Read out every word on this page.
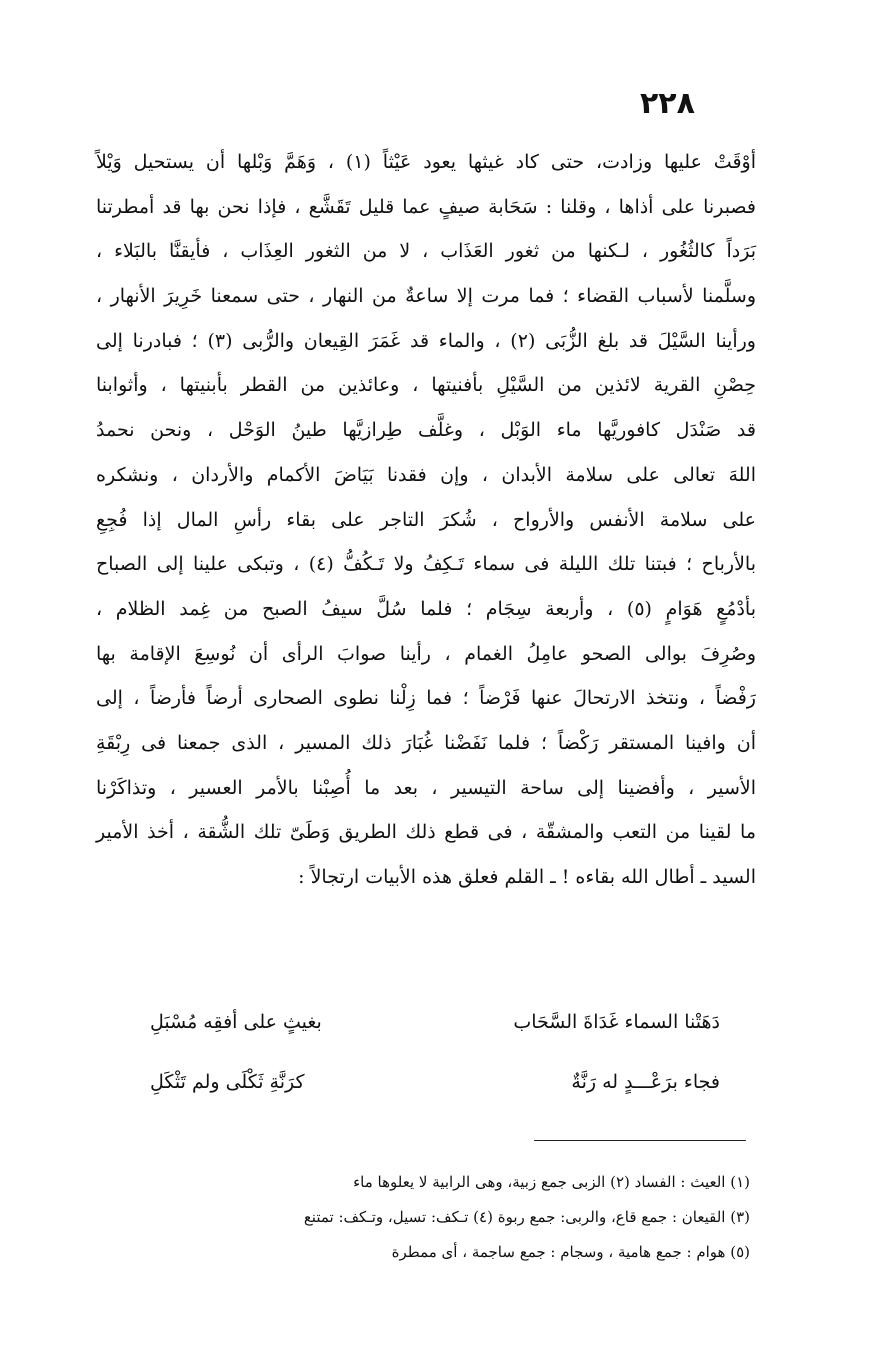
٢٢٨
أوْقَتْ عليها وزادت، حتى كاد غيثها يعود عَيْثاً (١) ، وَهَمَّ وَبْلها أن يستحيل وَيْلاً
فصبرنا على أذاها ، وقلنا : سَحَابة صيفٍ عما قليل تَقَشَّع ، فإذا نحن بها قد أمطرتنا
بَرَداً كالثُغُور ، لـكنها من ثغور العَذَاب ، لا من الثغور العِذَاب ، فأيقنَّا بالبَلاء ،
وسلَّمنا لأسباب القضاء ؛ فما مرت إلا ساعةٌ من النهار ، حتى سمعنا خَرِيرَ الأنهار ،
ورأينا السَّيْلَ قد بلغ الزُّبَى (٢) ، والماء قد غَمَرَ القِيعان والرُّبى (٣) ؛ فبادرنا إلى
حِصْنِ القرية لائذين من السَّيْلِ بأفنيتها ، وعائذين من القطر بأبنيتها ، وأثوابنا
قد صَنْدَل كافوريَّها ماء الوَبْل ، وغلَّف طِرازيَّها طينُ الوَحْل ، ونحن نحمدُ
اللهَ تعالى على سلامة الأبدان ، وإن فقدنا بَيَاضَ الأكمام والأردان ، ونشكره
على سلامة الأنفس والأرواح ، شُكرَ التاجر على بقاء رأسِ المال إذا فُجِعِ
بالأرباح ؛ فبتنا تلك الليلة فى سماء تَـكِفُ ولا تَـكُفُّ (٤) ، وتبكى علينا إلى الصباح
بأدْمُعٍ هَوَامٍ (٥) ، وأربعة سِجَام ؛ فلما سُلَّ سيفُ الصبح من غِمد الظلام ،
وصُرِفَ بوالى الصحو عامِلُ الغمام ، رأينا صوابَ الرأى أن نُوسِعَ الإقامة بها
رَفْضاً ، ونتخذ الارتحالَ عنها فَرْضاً ؛ فما زِلْنا نطوى الصحارى أرضاً فأرضاً ، إلى
أن وافينا المستقر رَكْضاً ؛ فلما نَفَضْنا غُبَارَ ذلك المسير ، الذى جمعنا فى رِبْقَةِ
الأسير ، وأفضينا إلى ساحة التيسير ، بعد ما أُصِبْنا بالأمر العسير ، وتذاكَرْنا
ما لقينا من التعب والمشقّة ، فى قطع ذلك الطريق وَطَىّ تلك الشُّقة ، أخذ الأمير
السيد ـ أطال الله بقاءه ! ـ القلم فعلق هذه الأبيات ارتجالاً :
دَهَتْنا السماء غَدَاةَ السَّحَاب
بغيثٍ على أفقِه مُسْبَلِ
فجاء برَعْـــدٍ له رَنَّةٌ
كرَنَّةِ ثَكْلَى ولم تَثْكَلِ
(١) العيث : الفساد (٢) الزبى جمع زبية، وهى الرابية لا يعلوها ماء
(٣) القيعان : جمع قاع، والربى: جمع ربوة (٤) تـكف: تسيل، وتـكف: تمتنع
(٥) هوام : جمع هامية ، وسجام : جمع ساجمة ، أى ممطرة
